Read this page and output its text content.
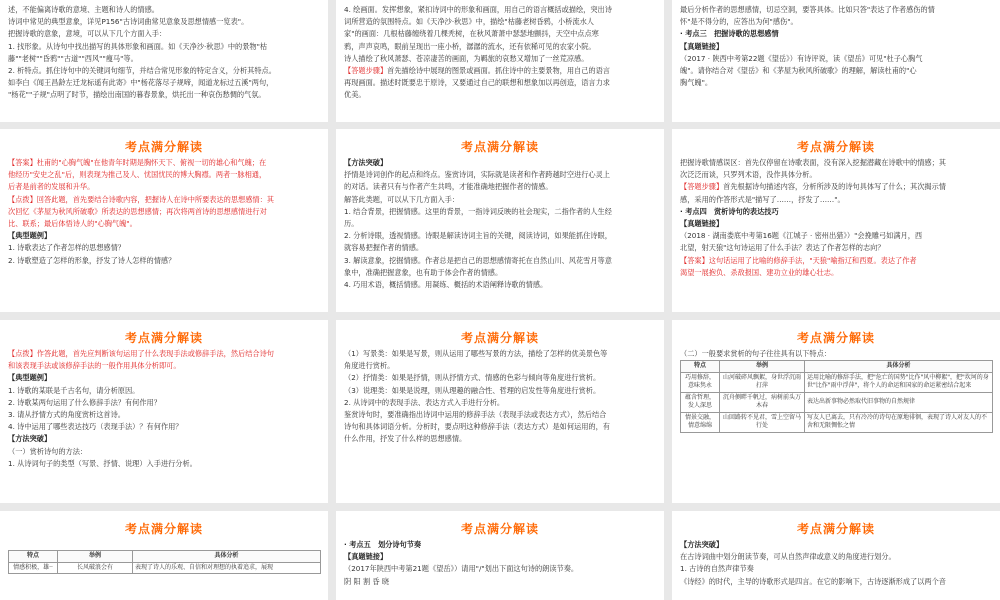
述，不能偏离诗歌的意境、主题和诗人的情感。
诗词中常见的典型意象，详见P156"古诗词曲常见意象及思想情感一览表"。
把握诗歌的意象，意境，可以从下几个方面入手：
1. 找形象。从诗句中找出描写的具体形象和画面。如《天净沙·秋思》中的景物"枯
藤""老树""昏鸦""古道""西风""瘦马"等。
2. 析特点。抓住诗句中的关键词句细节，并结合常见形象的特定含义，分析其特点。
如李白《闻王昌龄左迁龙标遥有此寄》中"杨花落尽子规啼，闻道龙标过五溪"两句，
"杨花""子规"点明了时节，描绘出南国的暮春景象，烘托出一种哀伤愁惆的气氛。
4. 绘画面。发挥想象，紧扣诗词中的形象和画面，用自己的语言概括或描绘，突出诗
词所营造的氛围特点。如《天净沙·秋思》中，描绘"枯藤老树昏鸦，小桥流水人
家"的画面：几根枯藤缠绕着几棵秃树，在秋风萧萧中瑟瑟地颤抖，天空中点点寒
鸦，声声哀鸣，眼前呈现出一座小桥，潺潺的流水，还有依稀可见的农家小院。
诗人描绘了秋风萧瑟、苍凉凄苦的画面，为羁旅的哀愁又增加了一丝荒凉感。
【答题步骤】首先描绘诗中展现的图景或画面。抓住诗中的主要景物，用自己的语言
再现画面。描述时既要忠于原诗，又要通过自己的联想和想象加以再创造，语言力求
优美。
最后分析作者的思想感情，切忌空洞，要答具体。比如只答"表达了作者感伤的情
怀"是不得分的，应答出为何"感伤"。
· 考点三　把握诗歌的思想感情
【真题链接】
（2017 · 陕西中考第22题《望岳》）有诗评说，读《望岳》可见"杜子心胸气
魄"。请你结合对《望岳》和《茅屋为秋风所破歌》的理解，解读杜甫的"心
胸气魄"。
考点满分解读
【答案】杜甫的"心胸气魄"在他青年时期是胸怀天下、俯视一切的雄心和气魄；在
他经历"安史之乱"后，则表现为推己及人、忧国忧民的博大胸襟。两者一脉相通，
后者是前者的发展和升华。
【点拨】回答此题，首先要结合诗歌内容，把握诗人在诗中所要表达的思想感情：其
次回忆《茅屋为秋风所破歌》所表达的思想感情；再次将两首诗的思想感情进行对
比、联系；最后体悟诗人的"心胸气魄"。
【典型题例】
1. 诗歌表达了作者怎样的思想感情？
2. 诗歌塑造了怎样的形象，抒发了诗人怎样的情感？
考点满分解读
【方法突破】
抒情是诗词创作的起点和终点。鉴赏诗词，实际就是读者和作者跨越时空进行心灵上
的对话。读者只有与作者产生共鸣，才能准确地把握作者的情感。
解答此类题，可以从下几方面入手：
1. 结合背景，把握情感。这里的背景，一指诗词反映的社会现实，二指作者的人生经
历。
2. 分析诗眼，透视情感。诗眼是解读诗词主旨的关键，阅读诗词，如果能抓住诗眼，
就容易把握作者的情感。
3. 解读意象，挖掘情感。作者总是把自己的思想感情寄托在自然山川、风花雪月等意
象中，准确把握意象，也有助于体会作者的情感。
4. 巧用术语，概括情感。用凝练、概括的术语阐释诗歌的情感。
考点满分解读
把握诗歌情感误区：首先仅停留在诗歌表面，没有深入挖掘潜藏在诗歌中的情感；其
次泛泛而谈，只罗列术语，没作具体分析。
【答题步骤】首先根据诗句描述内容，分析所涉及的诗句具体写了什么；其次揭示情
感，采用的作答形式是"描写了……，抒发了……"。
· 考点四　赏析诗句的表达技巧
【真题链接】
（2018 · 湖南娄底中考第16题《江城子 · 密州出猎》）"会挽雕弓如满月，西
北望，射天狼"这句诗运用了什么手法？表达了作者怎样的志向？
【答案】这句话运用了比喻的修辞手法，"天狼"喻指辽和西夏。表达了作者
渴望一展抱负、杀敌报国、建功立业的雄心壮志。
考点满分解读
【点拨】作答此题，首先应判断该句运用了什么表现手法或修辞手法，然后结合诗句
和该表现手法或该修辞手法的一般作用具体分析即可。
【典型题例】
1. 诗歌的某联是千古名句，请分析原因。
2. 诗歌某两句运用了什么修辞手法？有何作用？
3. 请从抒情方式的角度赏析这首诗。
4. 诗中运用了哪些表达技巧（表现手法）？有何作用？
【方法突破】
（一）赏析诗句的方法：
1. 从诗词句子的类型（写景、抒情、说理）入手进行分析。
考点满分解读
（1）写景类：如果是写景，则从运用了哪些写景的方法，描绘了怎样的优美景色等
角度进行赏析。
（2）抒情类：如果是抒情，则从抒情方式、情感的色彩与倾向等角度进行赏析。
（3）说理类：如果是说理，则从理趣的融合性、哲理的启发性等角度进行赏析。
2. 从诗词中的表现手法、表达方式入手进行分析。
鉴赏诗句时，要准确指出诗词中运用的修辞手法（表现手法或表达方式），然后结合
诗句和具体词语分析。分析时，要点明这种修辞手法（表达方式）是如何运用的，有
什么作用，抒发了什么样的思想感情。
考点满分解读
（二）一般要求赏析的句子往往具有以下特点：
特点	举例	具体分析
巧用修辞，意味隽永	山河破碎风飘絮，身世浮沉雨打萍	运用比喻的修辞手法，把"危亡的国势"比作"风中柳絮"，把"坎坷的身世"比作"雨中浮萍"，将个人的命运和国家的命运紧密结合起来
蕴含哲理，发人深思	沉舟侧畔千帆过，病树前头万木春	表达出新事物必然取代旧事物的自然规律
情景交融，情意绵绵	山回路转不见君，雪上空留马行处	写友人已离去，只有冷冷的诗句在原地徘徊，表现了诗人对友人的不舍和无限惆怅之情
考点满分解读
特点	举例	具体分析
情感积极，雄··	长风破浪会有	表现了诗人的乐观、自信和对理想的执着追求，展现
考点满分解读
· 考点五　划分诗句节奏
【真题链接】
（2017年陕西中考第21题《望岳》）请用"/"划出下面这句诗的朗读节奏。
阴 阳 割 昏 晓
考点满分解读
【方法突破】
在古诗词曲中划分朗读节奏，可从自然声律或意义的角度进行划分。
1. 古诗的自然声律节奏
《诗经》的时代，主导的诗歌形式是四言。在它的影响下，古诗逐渐形成了以两个音
